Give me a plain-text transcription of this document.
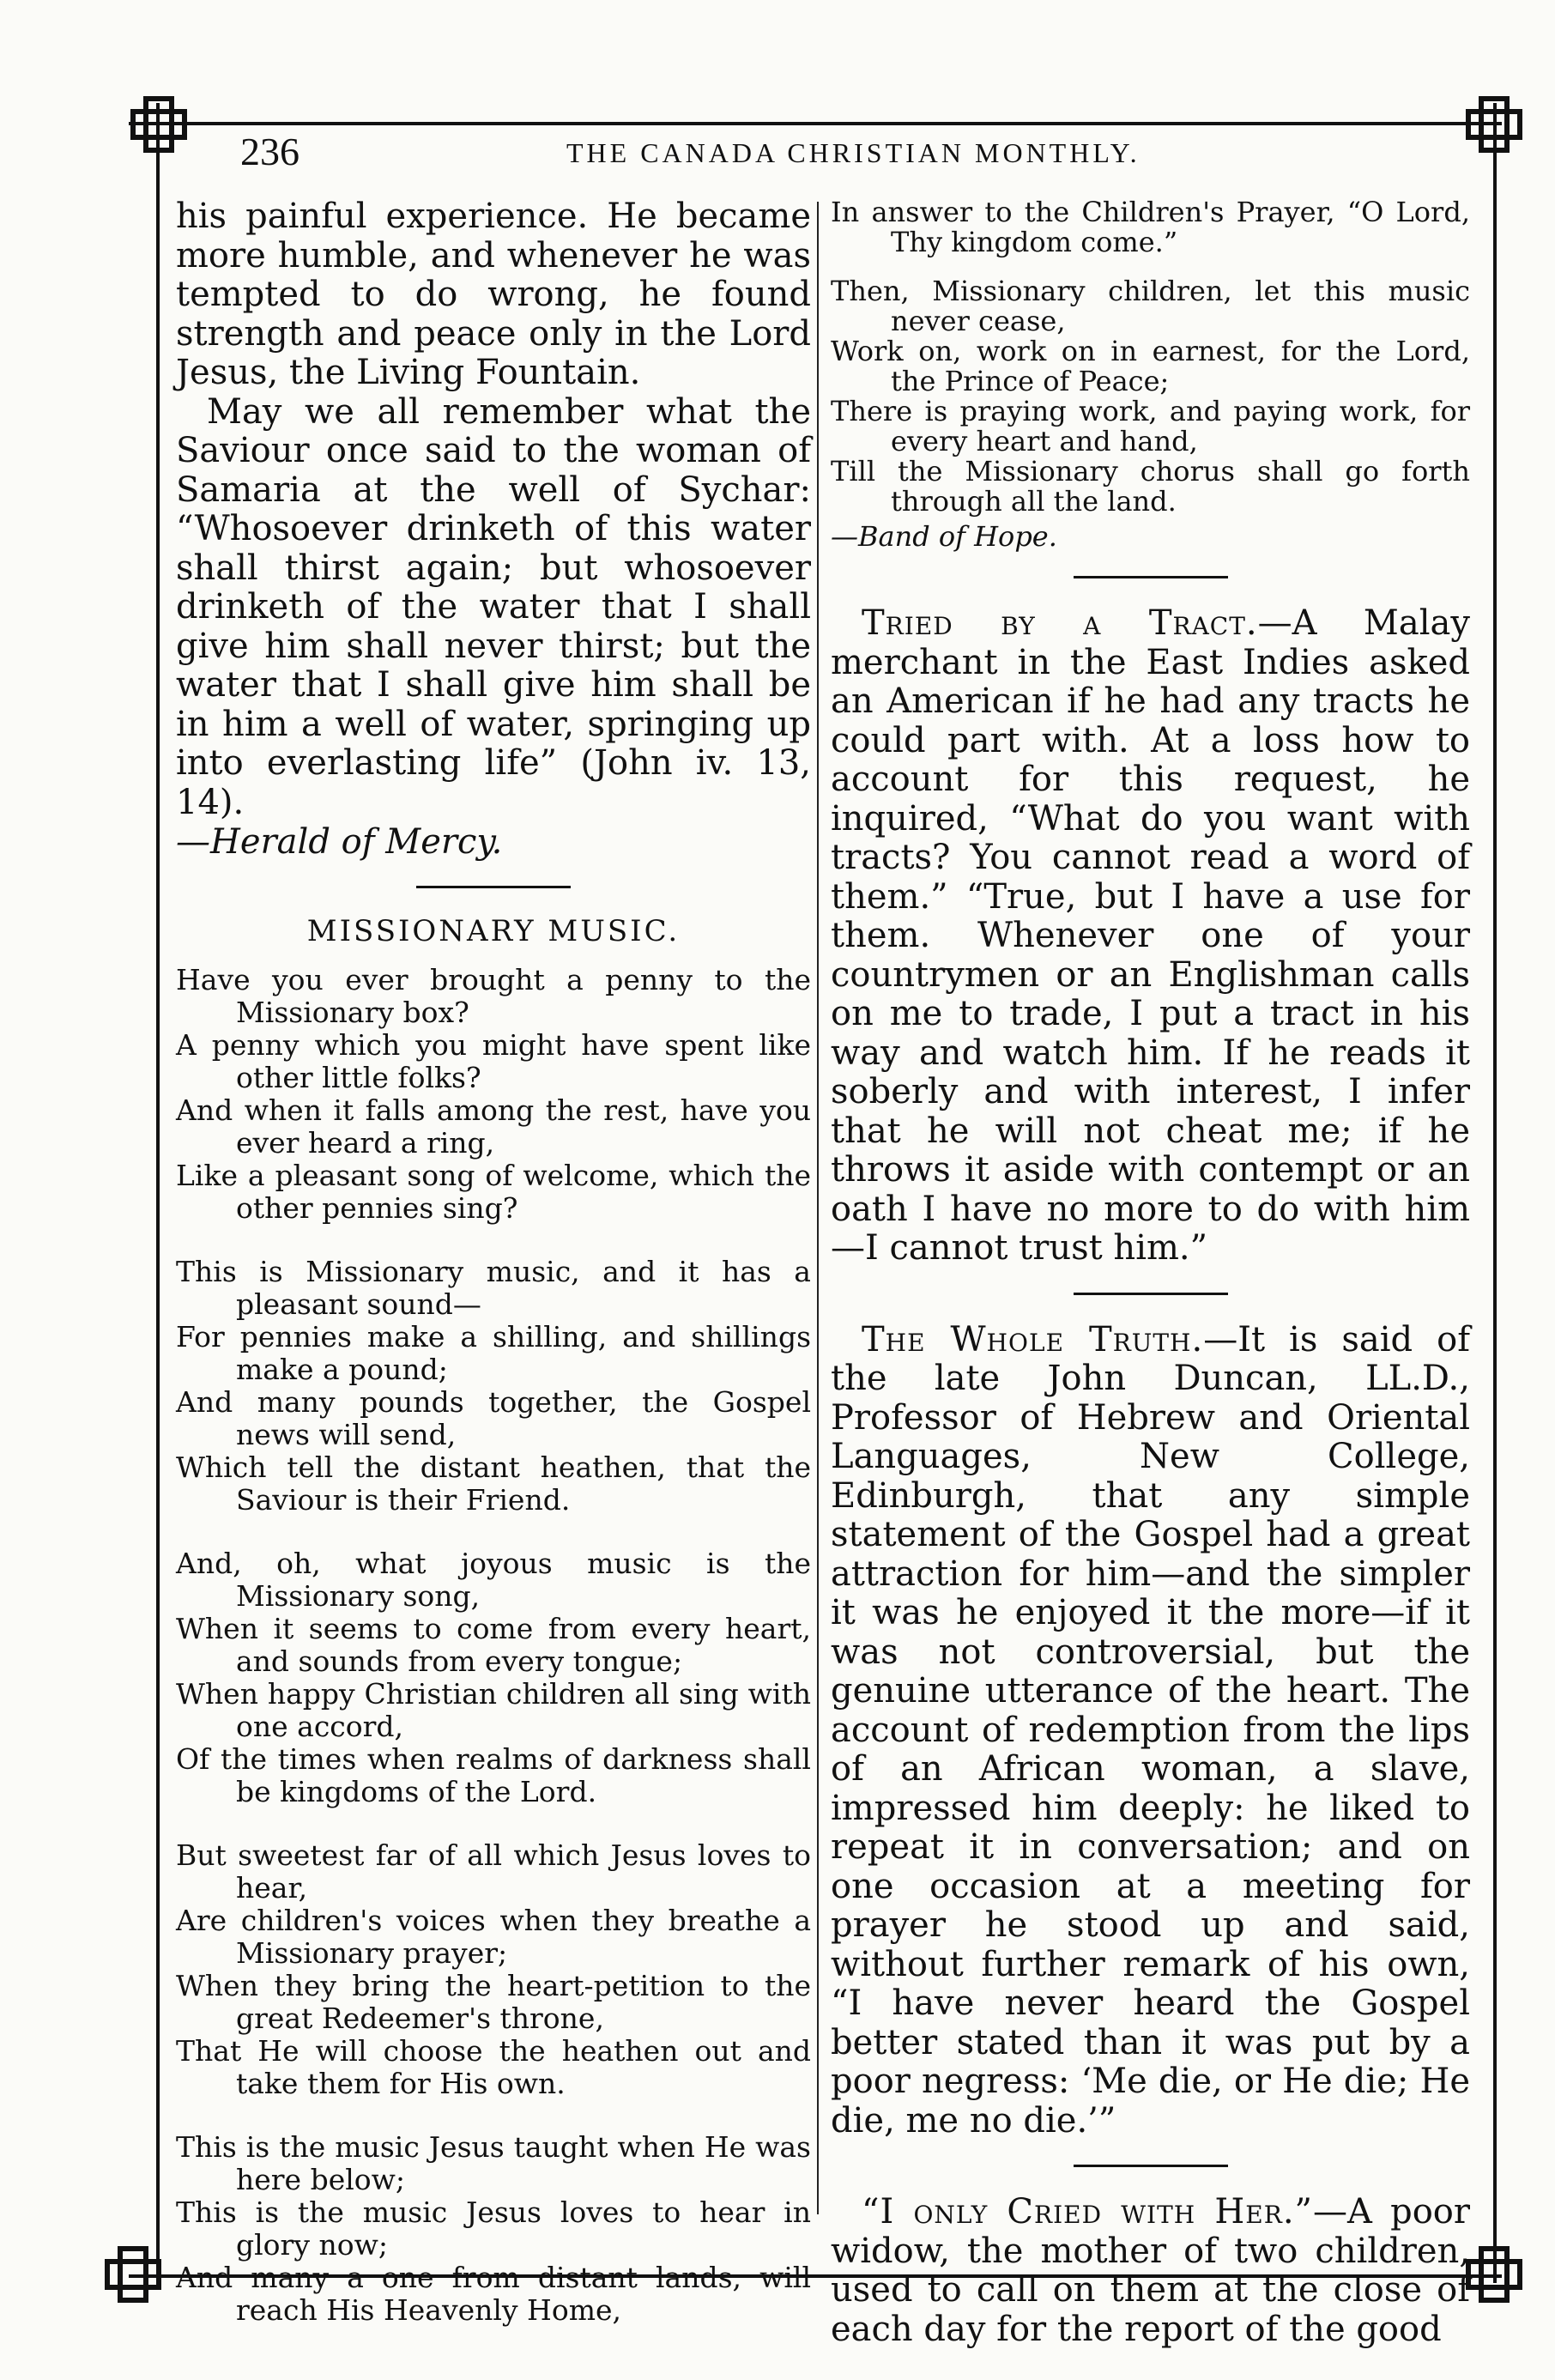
236	THE CANADA CHRISTIAN MONTHLY.

his painful experience. He became more humble, and whenever he was tempted to do wrong, he found strength and peace only in the Lord Jesus, the Living Fountain.

May we all remember what the Saviour once said to the woman of Samaria at the well of Sychar: “Whosoever drinketh of this water shall thirst again; but whosoever drinketh of the water that I shall give him shall never thirst; but the water that I shall give him shall be in him a well of water, springing up into everlasting life” (John iv. 13, 14).

—Herald of Mercy.

MISSIONARY MUSIC.

Have you ever brought a penny to the Missionary box?

A penny which you might have spent like other little folks?

And when it falls among the rest, have you ever heard a ring,

Like a pleasant song of welcome, which the other pennies sing?

This is Missionary music, and it has a pleasant sound—

For pennies make a shilling, and shillings make a pound;

And many pounds together, the Gospel news will send,

Which tell the distant heathen, that the Saviour is their Friend.

And, oh, what joyous music is the Missionary song,

When it seems to come from every heart, and sounds from every tongue;

When happy Christian children all sing with one accord,

Of the times when realms of darkness shall be kingdoms of the Lord.

But sweetest far of all which Jesus loves to hear,

Are children's voices when they breathe a Missionary prayer;

When they bring the heart-petition to the great Redeemer's throne,

That He will choose the heathen out and take them for His own.

This is the music Jesus taught when He was here below;

This is the music Jesus loves to hear in glory now;

And many a one from distant lands, will reach His Heavenly Home,

In answer to the Children's Prayer, “O Lord, Thy kingdom come.”

Then, Missionary children, let this music never cease,

Work on, work on in earnest, for the Lord, the Prince of Peace;

There is praying work, and paying work, for every heart and hand,

Till the Missionary chorus shall go forth through all the land.

—Band of Hope.

Tried by a Tract.—A Malay merchant in the East Indies asked an American if he had any tracts he could part with. At a loss how to account for this request, he inquired, “What do you want with tracts? You cannot read a word of them.” “True, but I have a use for them. Whenever one of your countrymen or an Englishman calls on me to trade, I put a tract in his way and watch him. If he reads it soberly and with interest, I infer that he will not cheat me; if he throws it aside with contempt or an oath I have no more to do with him—I cannot trust him.”

The Whole Truth.—It is said of the late John Duncan, LL.D., Professor of Hebrew and Oriental Languages, New College, Edinburgh, that any simple statement of the Gospel had a great attraction for him—and the simpler it was he enjoyed it the more—if it was not controversial, but the genuine utterance of the heart. The account of redemption from the lips of an African woman, a slave, impressed him deeply: he liked to repeat it in conversation; and on one occasion at a meeting for prayer he stood up and said, without further remark of his own, “I have never heard the Gospel better stated than it was put by a poor negress: ‘Me die, or He die; He die, me no die.’”

“I only Cried with Her.”—A poor widow, the mother of two children, used to call on them at the close of each day for the report of the good
